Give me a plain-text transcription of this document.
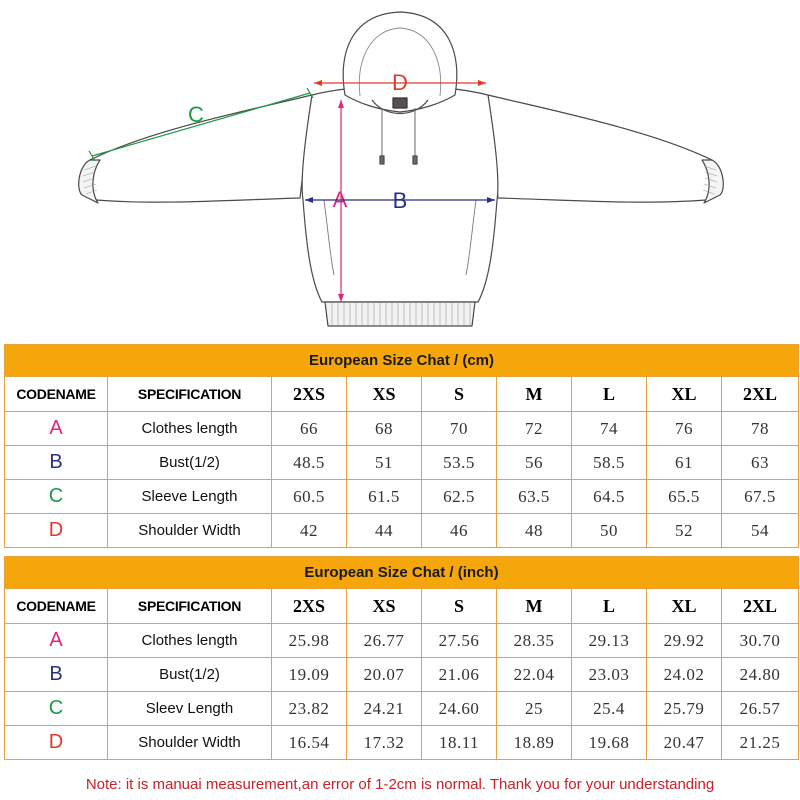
C
D
A B
European Size Chat / (cm)								
CODENAME	SPECIFICATION	2XS	XS	S	M	L	XL	2XL
A	Clothes length	66	68	70	72	74	76	78
B	Bust(1/2)	48.5	51	53.5	56	58.5	61	63
C	Sleeve Length	60.5	61.5	62.5	63.5	64.5	65.5	67.5
D	Shoulder Width	42	44	46	48	50	52	54
European Size Chat / (inch)								
CODENAME	SPECIFICATION	2XS	XS	S	M	L	XL	2XL
A	Clothes length	25.98	26.77	27.56	28.35	29.13	29.92	30.70
B	Bust(1/2)	19.09	20.07	21.06	22.04	23.03	24.02	24.80
C	Sleev Length	23.82	24.21	24.60	25	25.4	25.79	26.57
D	Shoulder Width	16.54	17.32	18.11	18.89	19.68	20.47	21.25
Note: it is manuai measurement,an error of 1-2cm is normal. Thank you for your understanding
